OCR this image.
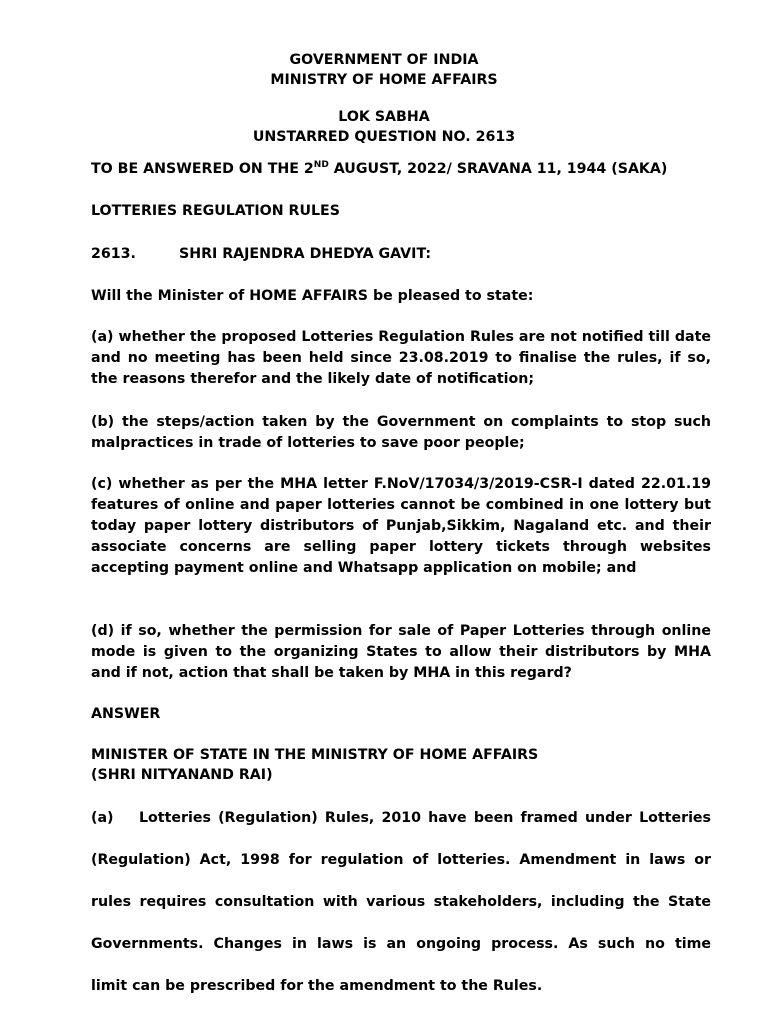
GOVERNMENT OF INDIA
MINISTRY OF HOME AFFAIRS
LOK SABHA
UNSTARRED QUESTION NO. 2613
TO BE ANSWERED ON THE 2ND AUGUST, 2022/ SRAVANA 11, 1944 (SAKA)
LOTTERIES REGULATION RULES
2613.	SHRI RAJENDRA DHEDYA GAVIT:
Will the Minister of HOME AFFAIRS be pleased to state:
(a) whether the proposed Lotteries Regulation Rules are not notified till date and no meeting has been held since 23.08.2019 to finalise the rules, if so, the reasons therefor and the likely date of notification;
(b) the steps/action taken by the Government on complaints to stop such malpractices in trade of lotteries to save poor people;
(c) whether as per the MHA letter F.NoV/17034/3/2019-CSR-I dated 22.01.19 features of online and paper lotteries cannot be combined in one lottery but today paper lottery distributors of Punjab,Sikkim, Nagaland etc. and their associate concerns are selling paper lottery tickets through websites accepting payment online and Whatsapp application on mobile; and
(d) if so, whether the permission for sale of Paper Lotteries through online mode is given to the organizing States to allow their distributors by MHA and if not, action that shall be taken by MHA in this regard?
ANSWER
MINISTER OF STATE IN THE MINISTRY OF HOME AFFAIRS
(SHRI NITYANAND RAI)
(a) Lotteries (Regulation) Rules, 2010 have been framed under Lotteries
(Regulation) Act, 1998 for regulation of lotteries. Amendment in laws or
rules requires consultation with various stakeholders, including the State
Governments. Changes in laws is an ongoing process. As such no time
limit can be prescribed for the amendment to the Rules.
